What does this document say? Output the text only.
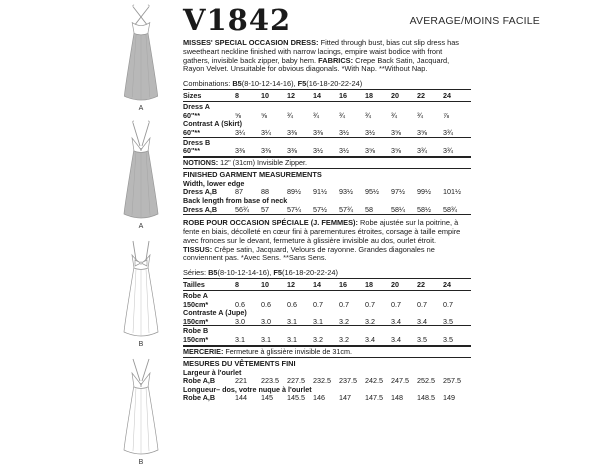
A
A
B
B
V1842	AVERAGE/MOINS FACILE
MISSES' SPECIAL OCCASION DRESS: Fitted through bust, bias cut slip dress has sweetheart neckline finished with narrow lacings, empire waist bodice with front gathers, invisible back zipper, baby hem. FABRICS: Crepe Back Satin, Jacquard, Rayon Velvet. Unsuitable for obvious diagonals. *With Nap. **Without Nap.
Combinations: B5(8-10-12-14-16), F5(16-18-20-22-24)
Sizes	8	10	12	14	16	18	20	22	24
Dress A
60"**	⅝	⅝	¾	¾	¾	¾	¾	¾	⅞
Contrast A (Skirt)
60"**	3¼	3¼	3⅜	3⅜	3½	3½	3⅝	3⅝	3¾
Dress B
60"**	3⅜	3⅜	3⅜	3½	3½	3⅝	3⅝	3¾	3¾
NOTIONS: 12" (31cm) Invisible Zipper.
FINISHED GARMENT MEASUREMENTS
Width, lower edge
Dress A,B	87	88	89½	91½	93½	95½	97½	99½	101½
Back length from base of neck
Dress A,B	56¾	57	57¼	57½	57¾	58	58¼	58½	58¾
ROBE POUR OCCASION SPÉCIALE (J. FEMMES): Robe ajustée sur la poitrine, à fente en biais, décolleté en cœur fini à parementures étroites, corsage à taille empire avec fronces sur le devant, fermeture à glissière invisible au dos, ourlet étroit.
TISSUS: Crêpe satin, Jacquard, Velours de rayonne. Grandes diagonales ne conviennent pas. *Avec Sens. **Sans Sens.
Séries: B5(8-10-12-14-16), F5(16-18-20-22-24)
Tailles	8	10	12	14	16	18	20	22	24
Robe A
150cm*	0.6	0.6	0.6	0.7	0.7	0.7	0.7	0.7	0.7
Contraste A (Jupe)
150cm*	3.0	3.0	3.1	3.1	3.2	3.2	3.4	3.4	3.5
Robe B
150cm*	3.1	3.1	3.1	3.2	3.2	3.4	3.4	3.5	3.5
MERCERIE: Fermeture à glissière invisible de 31cm.
MESURES DU VÊTEMENTS FINI
Largeur à l'ourlet
Robe A,B	221	223.5	227.5	232.5	237.5	242.5	247.5	252.5	257.5
Longueur– dos, votre nuque à l'ourlet
Robe A,B	144	145	145.5	146	147	147.5	148	148.5	149
